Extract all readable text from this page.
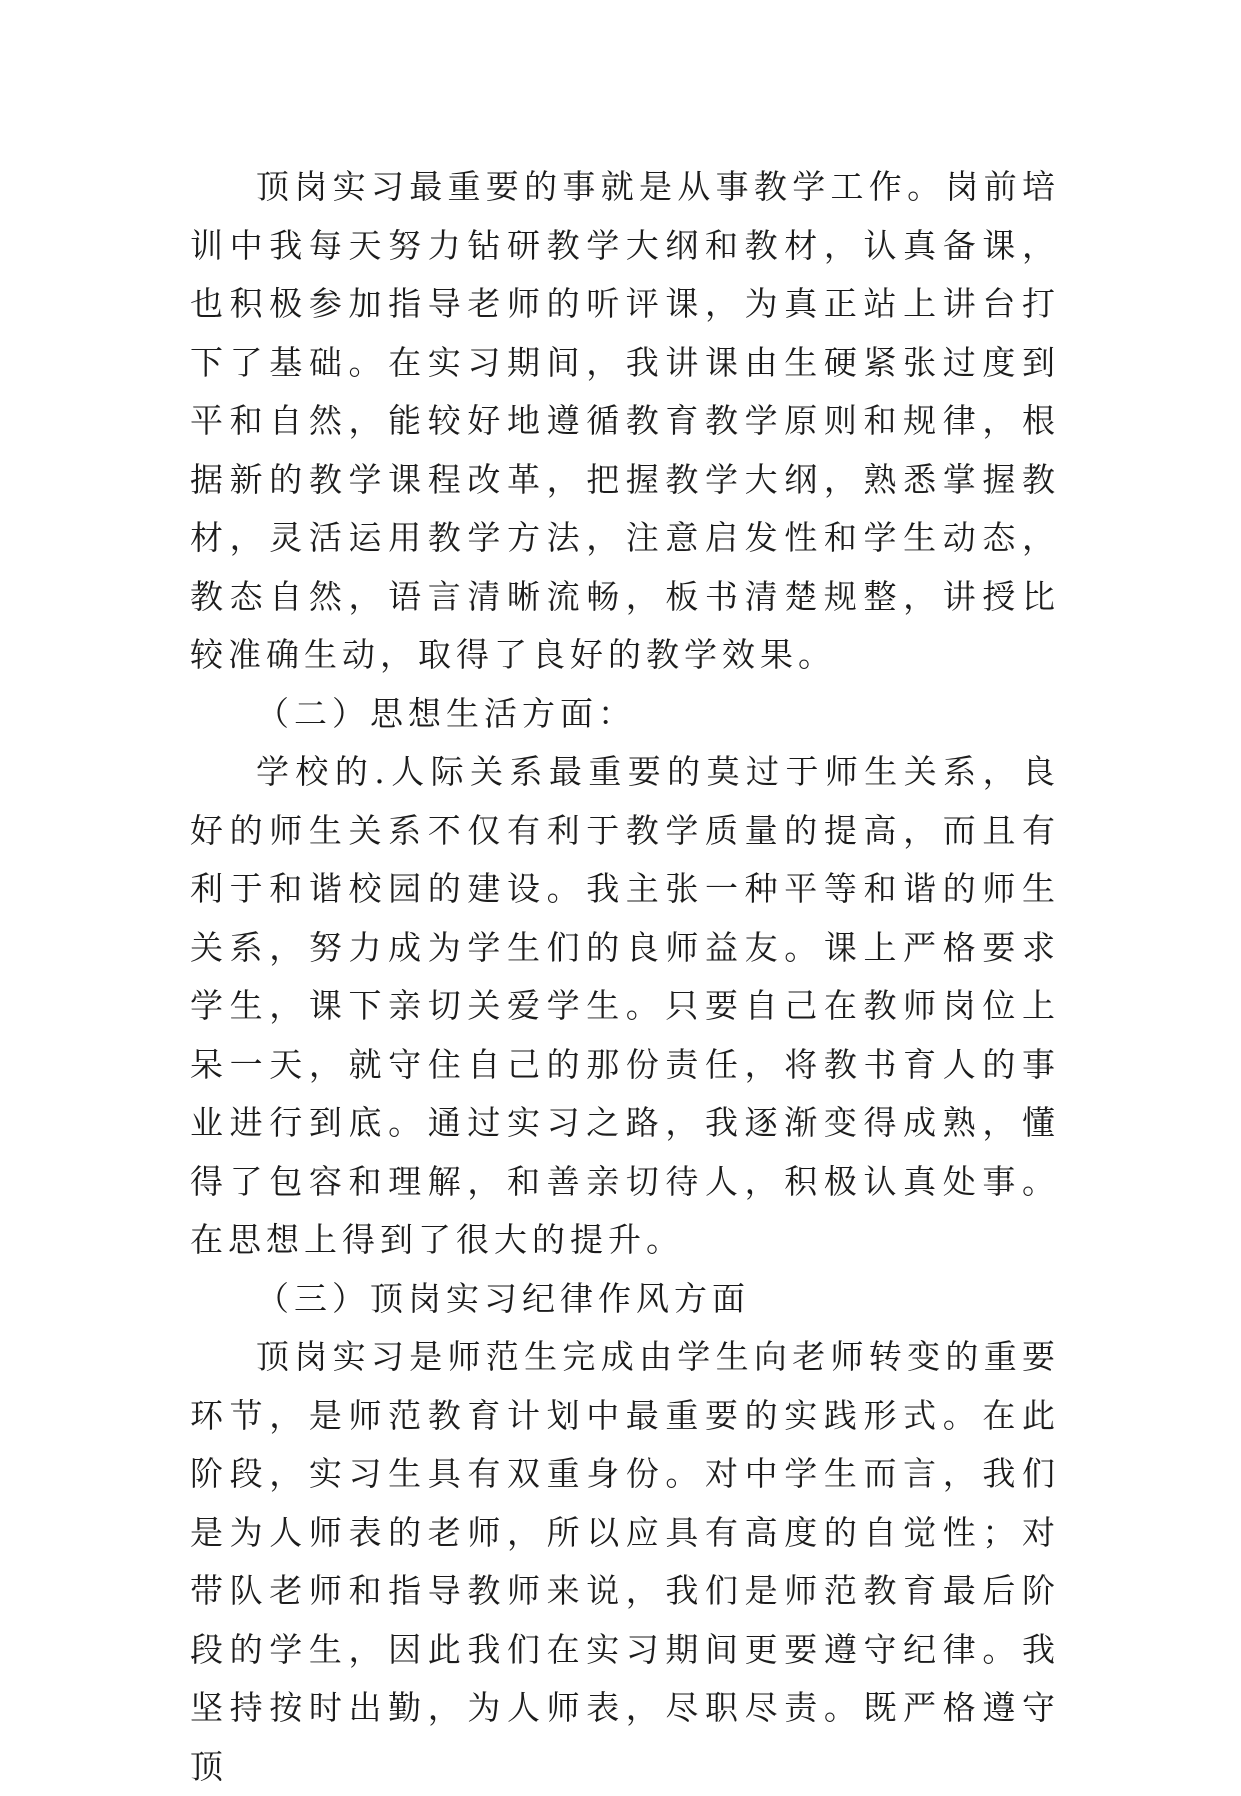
顶岗实习最重要的事就是从事教学工作。岗前培训中我每天努力钻研教学大纲和教材，认真备课，也积极参加指导老师的听评课，为真正站上讲台打下了基础。在实习期间，我讲课由生硬紧张过度到平和自然，能较好地遵循教育教学原则和规律，根据新的教学课程改革，把握教学大纲，熟悉掌握教材，灵活运用教学方法，注意启发性和学生动态，教态自然，语言清晰流畅，板书清楚规整，讲授比较准确生动，取得了良好的教学效果。

（二）思想生活方面：

学校的.人际关系最重要的莫过于师生关系，良好的师生关系不仅有利于教学质量的提高，而且有利于和谐校园的建设。我主张一种平等和谐的师生关系，努力成为学生们的良师益友。课上严格要求学生，课下亲切关爱学生。只要自己在教师岗位上呆一天，就守住自己的那份责任，将教书育人的事业进行到底。通过实习之路，我逐渐变得成熟，懂得了包容和理解，和善亲切待人，积极认真处事。在思想上得到了很大的提升。

（三）顶岗实习纪律作风方面

顶岗实习是师范生完成由学生向老师转变的重要环节，是师范教育计划中最重要的实践形式。在此阶段，实习生具有双重身份。对中学生而言，我们是为人师表的老师，所以应具有高度的自觉性；对带队老师和指导教师来说，我们是师范教育最后阶段的学生，因此我们在实习期间更要遵守纪律。我坚持按时出勤，为人师表，尽职尽责。既严格遵守顶
